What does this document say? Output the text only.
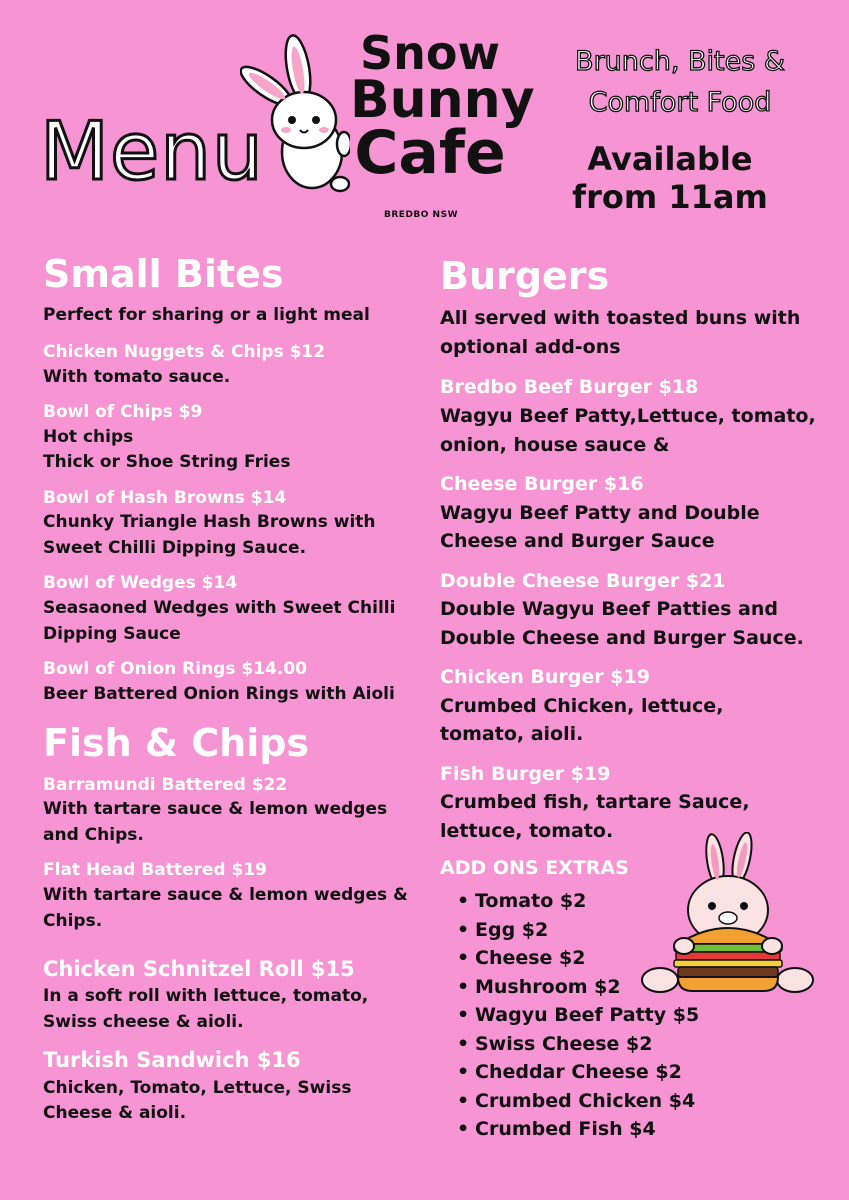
Menu
Snow
Bunny
Cafe
BREDBO NSW
Brunch, Bites &
Comfort Food
Available
from 11am
Small Bites
Perfect for sharing or a light meal
Chicken Nuggets & Chips $12
With tomato sauce.
Bowl of Chips $9
Hot chips
Thick or Shoe String Fries
Bowl of Hash Browns $14
Chunky Triangle Hash Browns with Sweet Chilli Dipping Sauce.
Bowl of Wedges $14
Seasaoned Wedges with Sweet Chilli Dipping Sauce
Bowl of Onion Rings $14.00
Beer Battered Onion Rings with Aioli
Fish & Chips
Barramundi Battered $22
With tartare sauce & lemon wedges and Chips.
Flat Head Battered $19
With tartare sauce & lemon wedges & Chips.
Chicken Schnitzel Roll $15
In a soft roll with lettuce, tomato, Swiss cheese & aioli.
Turkish Sandwich $16
Chicken, Tomato, Lettuce, Swiss Cheese & aioli.
Burgers
All served with toasted buns with optional add-ons
Bredbo Beef Burger $18
Wagyu Beef Patty,Lettuce, tomato, onion, house sauce &
Cheese Burger $16
Wagyu Beef Patty and Double Cheese and Burger Sauce
Double Cheese Burger $21
Double Wagyu Beef Patties and Double Cheese and Burger Sauce.
Chicken Burger $19
Crumbed Chicken, lettuce, tomato, aioli.
Fish Burger $19
Crumbed fish, tartare Sauce, lettuce, tomato.
ADD ONS EXTRAS
• Tomato $2
• Egg $2
• Cheese $2
• Mushroom $2
• Wagyu Beef Patty $5
• Swiss Cheese $2
• Cheddar Cheese $2
• Crumbed Chicken $4
• Crumbed Fish $4
